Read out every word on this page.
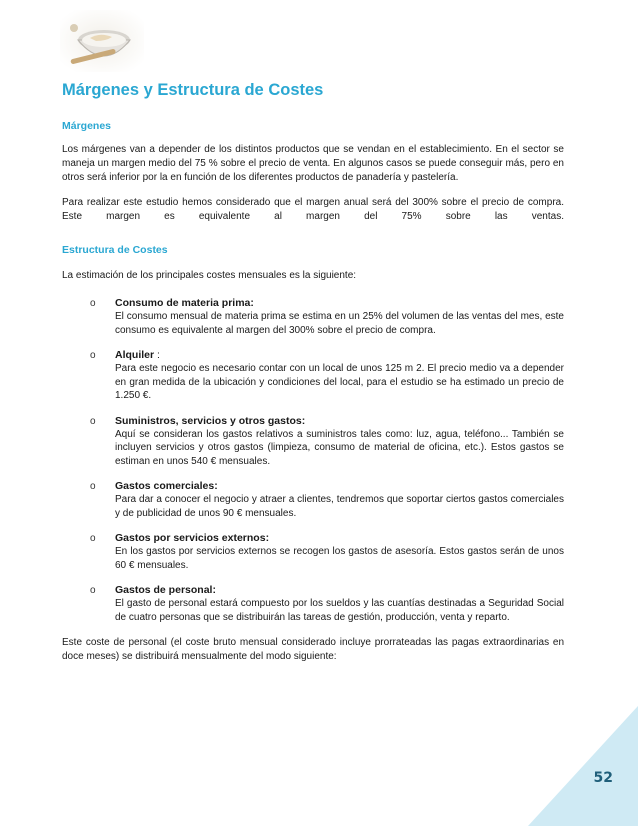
Márgenes y Estructura de Costes
Márgenes

Los márgenes van a depender de los distintos productos que se vendan en el establecimiento. En el sector se maneja un margen medio del 75 % sobre el precio de venta. En algunos casos se puede conseguir más, pero en otros será inferior por la en función de los diferentes productos de panadería y pastelería.

Para realizar este estudio hemos considerado que el margen anual será del 300% sobre el precio de compra. Este margen es equivalente al margen del 75% sobre las ventas.

Estructura de Costes

La estimación de los principales costes mensuales es la siguiente:

o Consumo de materia prima:
El consumo mensual de materia prima se estima en un 25% del volumen de las ventas del mes, este consumo es equivalente al margen del 300% sobre el precio de compra.
o Alquiler :
Para este negocio es necesario contar con un local de unos 125 m 2. El precio medio va a depender en gran medida de la ubicación y condiciones del local, para el estudio se ha estimado un precio de 1.250 €.
o Suministros, servicios y otros gastos:
Aquí se consideran los gastos relativos a suministros tales como: luz, agua, teléfono... También se incluyen servicios y otros gastos (limpieza, consumo de material de oficina, etc.). Estos gastos se estiman en unos 540 € mensuales.
o Gastos comerciales:
Para dar a conocer el negocio y atraer a clientes, tendremos que soportar ciertos gastos comerciales y de publicidad de unos 90 € mensuales.
o Gastos por servicios externos:
En los gastos por servicios externos se recogen los gastos de asesoría. Estos gastos serán de unos 60 € mensuales.
o Gastos de personal:
El gasto de personal estará compuesto por los sueldos y las cuantías destinadas a Seguridad Social de cuatro personas que se distribuirán las tareas de gestión, producción, venta y reparto.

Este coste de personal (el coste bruto mensual considerado incluye prorrateadas las pagas extraordinarias en doce meses) se distribuirá mensualmente del modo siguiente:

52
